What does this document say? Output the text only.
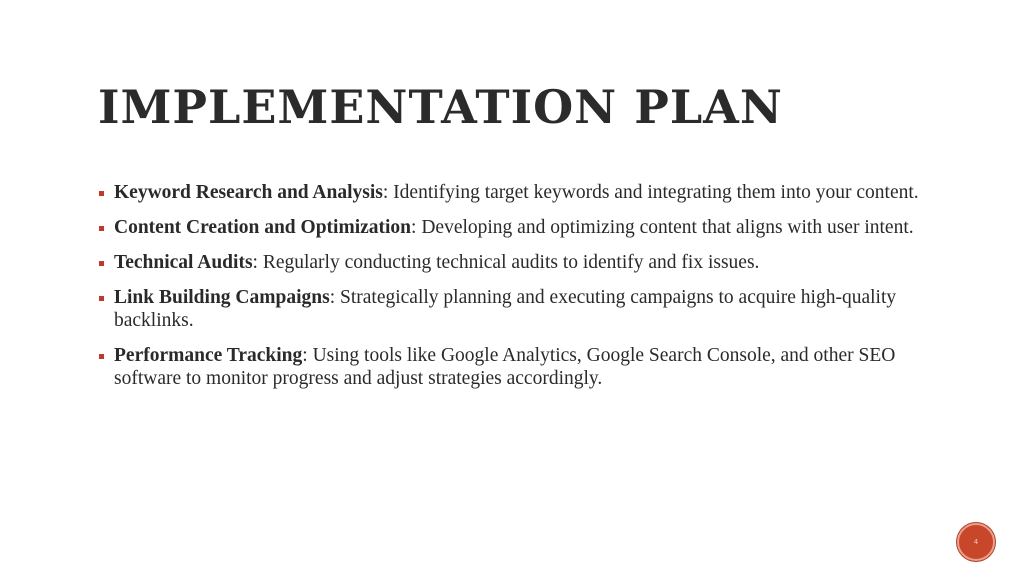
IMPLEMENTATION PLAN
Keyword Research and Analysis: Identifying target keywords and integrating them into your content.
Content Creation and Optimization: Developing and optimizing content that aligns with user intent.
Technical Audits: Regularly conducting technical audits to identify and fix issues.
Link Building Campaigns: Strategically planning and executing campaigns to acquire high-quality backlinks.
Performance Tracking: Using tools like Google Analytics, Google Search Console, and other SEO software to monitor progress and adjust strategies accordingly.
4
